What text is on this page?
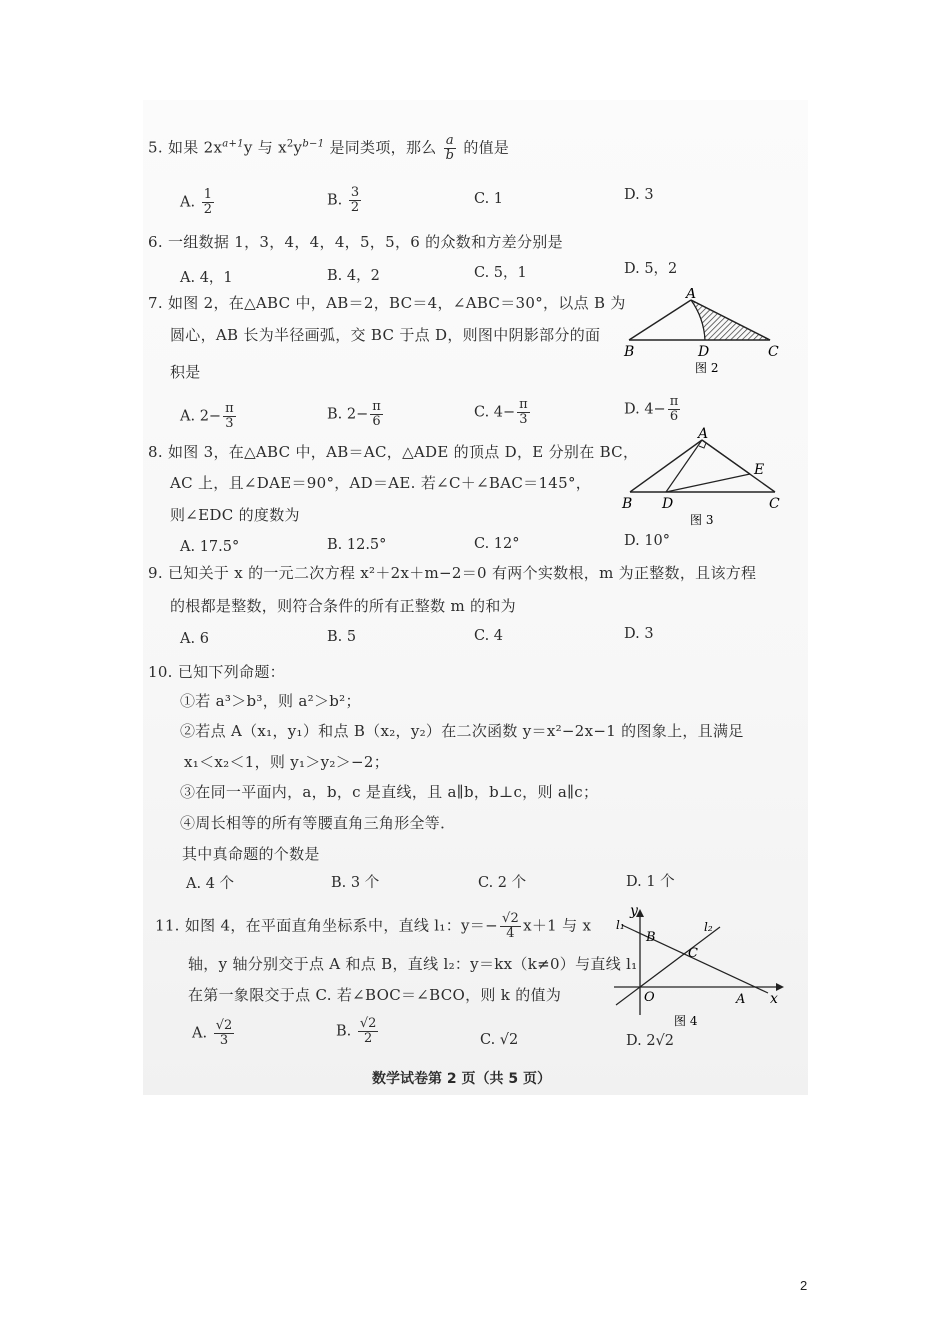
5. 如果 $2x^{a+1}y$ 与 $x^2y^{b-1}$ 是同类项，那么 $\frac{a}{b}$ 的值是
A. $\frac{1}{2}$	B. $\frac{3}{2}$	C. 1	D. 3
6. 一组数据 1，3，4，4，4，5，5，6 的众数和方差分别是
A. 4，1	B. 4，2	C. 5，1	D. 5，2
7. 如图 2，在△ABC 中，AB＝2，BC＝4，∠ABC＝30°，以点 B 为
圆心，AB 长为半径画弧，交 BC 于点 D，则图中阴影部分的面
积是
A
B	D	C
图 2
A. $2- \frac{\pi}{3}$	B. $2- \frac{\pi}{6}$	C. $4- \frac{\pi}{3}$	D. $4- \frac{\pi}{6}$
8. 如图 3，在△ABC 中，AB＝AC，△ADE 的顶点 D，E 分别在 BC，
AC 上，且∠DAE＝90°，AD＝AE. 若∠C＋∠BAC＝145°，
则∠EDC 的度数为
A
B D
E
C
图 3
A. 17.5°	B. 12.5°	C. 12°	D. 10°
9. 已知关于 x 的一元二次方程 x²＋2x＋m−2＝0 有两个实数根，m 为正整数，且该方程
的根都是整数，则符合条件的所有正整数 m 的和为
A. 6	B. 5	C. 4	D. 3
10. 已知下列命题：
①若 a³＞b³，则 a²＞b²；
②若点 A（x₁，y₁）和点 B（x₂，y₂）在二次函数 y＝x²−2x−1 的图象上，且满足
x₁＜x₂＜1，则 y₁＞y₂＞−2；
③在同一平面内，a，b，c 是直线，且 a∥b，b⊥c，则 a∥c；
④周长相等的所有等腰直角三角形全等．
其中真命题的个数是
A. 4 个	B. 3 个	C. 2 个	D. 1 个
11. 如图 4，在平面直角坐标系中，直线 l₁：$y=- \frac{√2}{4} x+1$ 与 x
轴，y 轴分别交于点 A 和点 B，直线 l₂：y＝kx（k≠0）与直线 l₁
在第一象限交于点 C. 若∠BOC＝∠BCO，则 k 的值为
y
l₁	l₂
B
C
O	A x
图 4
A. $\frac{√2}{3}$	B. $\frac{√2}{2}$	C. √2	D. 2√2
数学试卷第 2 页（共 5 页）
2
